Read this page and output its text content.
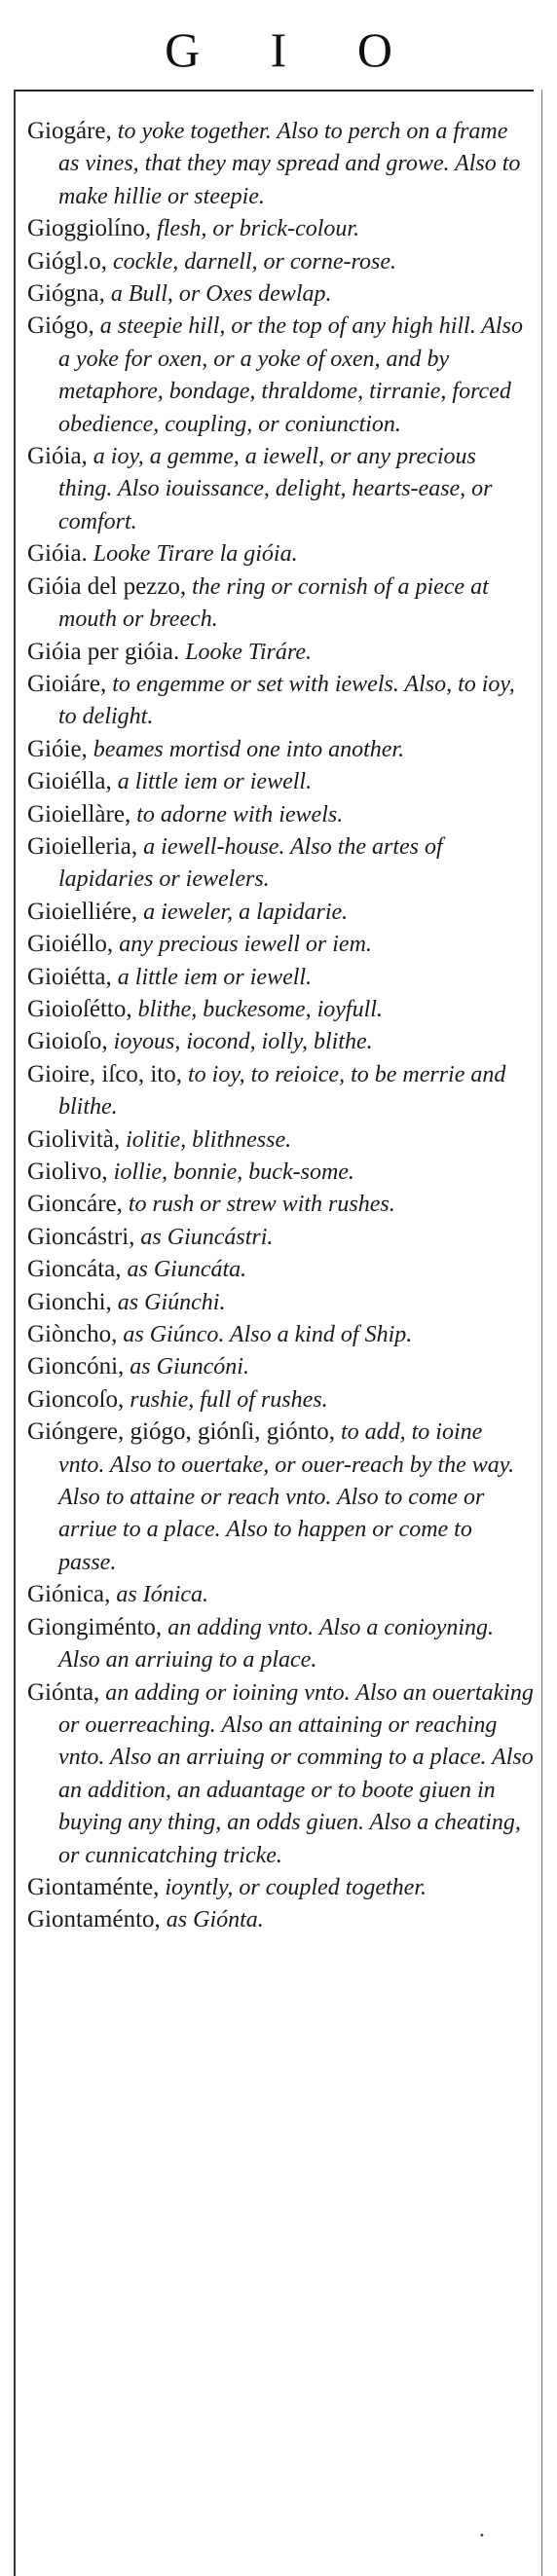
G I O

Giogáre, to yoke together. Also to perch on a frame as vines, that they may spread and growe. Also to make hillie or steepie.

Gioggiolíno, flesh, or brick-colour.

Giógl.o, cockle, darnell, or corne-rose.

Giógna, a Bull, or Oxes dewlap.

Giógo, a steepie hill, or the top of any high hill. Also a yoke for oxen, or a yoke of oxen, and by metaphore, bondage, thraldome, tirranie, forced obedience, coupling, or coniunction.

Gióia, a ioy, a gemme, a iewell, or any precious thing. Also iouissance, delight, hearts-ease, or comfort.

Gióia. Looke Tirare la gióia.

Gióia del pezzo, the ring or cornish of a piece at mouth or breech.

Gióia per gióia. Looke Tiráre.

Gioiáre, to engemme or set with iewels. Also, to ioy, to delight.

Gióie, beames mortisd one into another.

Gioiélla, a little iem or iewell.

Gioiellàre, to adorne with iewels.

Gioielleria, a iewell-house. Also the artes of lapidaries or iewelers.

Gioielliére, a ieweler, a lapidarie.

Gioiéllo, any precious iewell or iem.

Gioiétta, a little iem or iewell.

Gioioſétto, blithe, buckesome, ioyfull.

Gioioſo, ioyous, iocond, iolly, blithe.

Gioire, iſco, ito, to ioy, to reioice, to be merrie and blithe.

Giolività, iolitie, blithnesse.

Giolivo, iollie, bonnie, buck-some.

Gioncáre, to rush or strew with rushes.

Gioncástri, as Giuncástri.

Gioncáta, as Giuncáta.

Gionchi, as Giúnchi.

Giòncho, as Giúnco. Also a kind of Ship.

Gioncóni, as Giuncóni.

Gioncoſo, rushie, full of rushes.

Gióngere, giógo, giónſi, giónto, to add, to ioine vnto. Also to ouertake, or ouer-reach by the way. Also to attaine or reach vnto. Also to come or arriue to a place. Also to happen or come to passe.

Giónica, as Iónica.

Giongiménto, an adding vnto. Also a conioyning. Also an arriuing to a place.

Giónta, an adding or ioining vnto. Also an ouertaking or ouerreaching. Also an attaining or reaching vnto. Also an arriuing or comming to a place. Also an addition, an aduantage or to boote giuen in buying any thing, an odds giuen. Also a cheating, or cunnicatching tricke.

Giontaménte, ioyntly, or coupled together.

Giontaménto, as Giónta.

•
